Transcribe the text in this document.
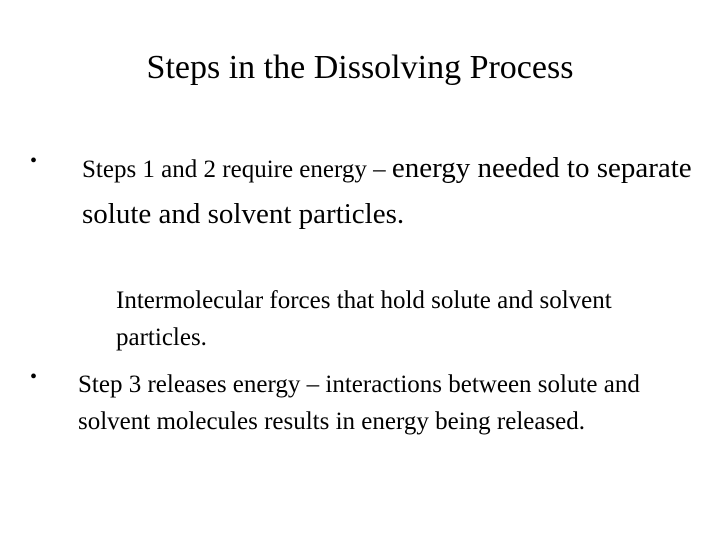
Steps in the Dissolving Process
• Steps 1 and 2 require energy – energy needed to separate solute and solvent particles.
Intermolecular forces that hold solute and solvent particles.
• Step 3 releases energy – interactions between solute and solvent molecules results in energy being released.
